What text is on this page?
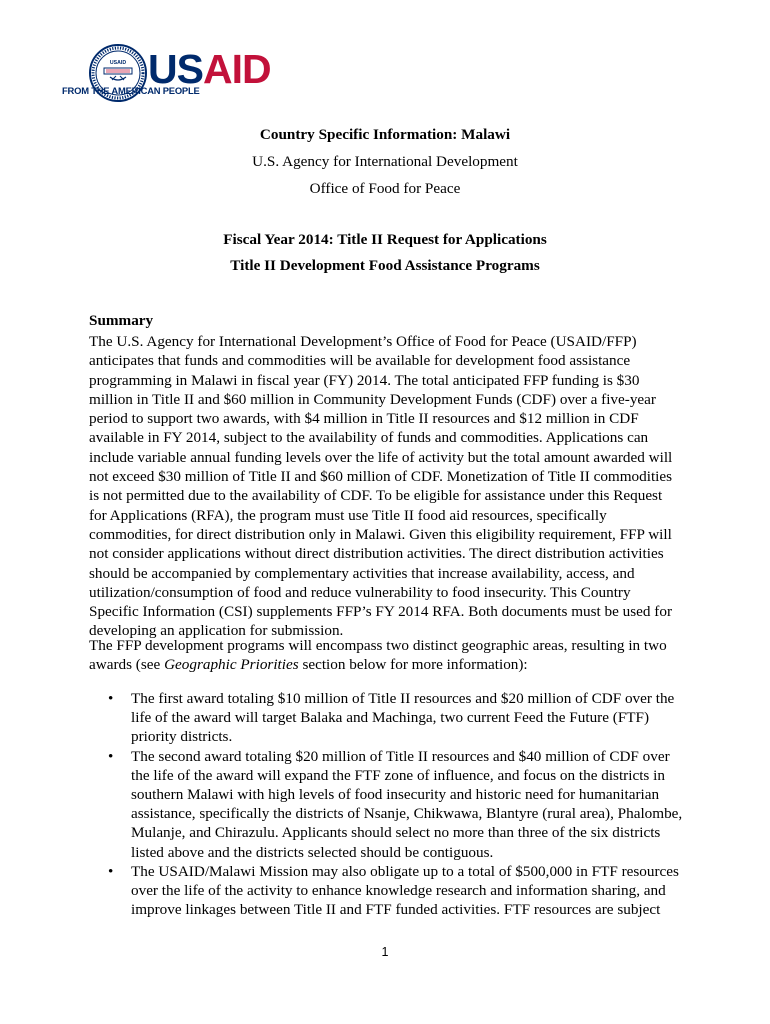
USAID USAID
FROM THE AMERICAN PEOPLE
Country Specific Information: Malawi
U.S. Agency for International Development
Office of Food for Peace
Fiscal Year 2014: Title II Request for Applications
Title II Development Food Assistance Programs
Summary

The U.S. Agency for International Development’s Office of Food for Peace (USAID/FFP)
anticipates that funds and commodities will be available for development food assistance
programming in Malawi in fiscal year (FY) 2014. The total anticipated FFP funding is $30
million in Title II and $60 million in Community Development Funds (CDF) over a five-year
period to support two awards, with $4 million in Title II resources and $12 million in CDF
available in FY 2014, subject to the availability of funds and commodities. Applications can
include variable annual funding levels over the life of activity but the total amount awarded will
not exceed $30 million of Title II and $60 million of CDF. Monetization of Title II commodities
is not permitted due to the availability of CDF. To be eligible for assistance under this Request
for Applications (RFA), the program must use Title II food aid resources, specifically
commodities, for direct distribution only in Malawi. Given this eligibility requirement, FFP will
not consider applications without direct distribution activities. The direct distribution activities
should be accompanied by complementary activities that increase availability, access, and
utilization/consumption of food and reduce vulnerability to food insecurity. This Country
Specific Information (CSI) supplements FFP’s FY 2014 RFA. Both documents must be used for
developing an application for submission.

The FFP development programs will encompass two distinct geographic areas, resulting in two
awards (see Geographic Priorities section below for more information):

• The first award totaling $10 million of Title II resources and $20 million of CDF over the
life of the award will target Balaka and Machinga, two current Feed the Future (FTF)
priority districts.
• The second award totaling $20 million of Title II resources and $40 million of CDF over
the life of the award will expand the FTF zone of influence, and focus on the districts in
southern Malawi with high levels of food insecurity and historic need for humanitarian
assistance, specifically the districts of Nsanje, Chikwawa, Blantyre (rural area), Phalombe,
Mulanje, and Chirazulu. Applicants should select no more than three of the six districts
listed above and the districts selected should be contiguous.
• The USAID/Malawi Mission may also obligate up to a total of $500,000 in FTF resources
over the life of the activity to enhance knowledge research and information sharing, and
improve linkages between Title II and FTF funded activities. FTF resources are subject
1
